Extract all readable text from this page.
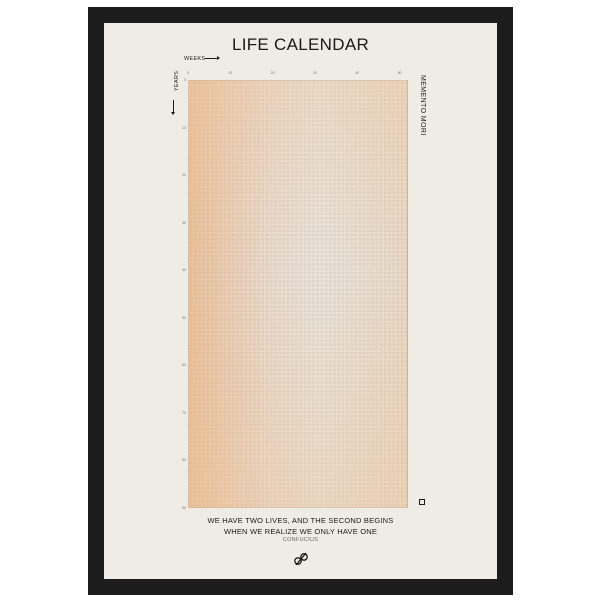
LIFE CALENDAR
WEEKS
YEARS 0	10	20	30	40	50
0
10
20
30
40
50
60
70
80
90
MEMENTO MORI
WE HAVE TWO LIVES, AND THE SECOND BEGINS
WHEN WE REALIZE WE ONLY HAVE ONE
CONFUCIUS
